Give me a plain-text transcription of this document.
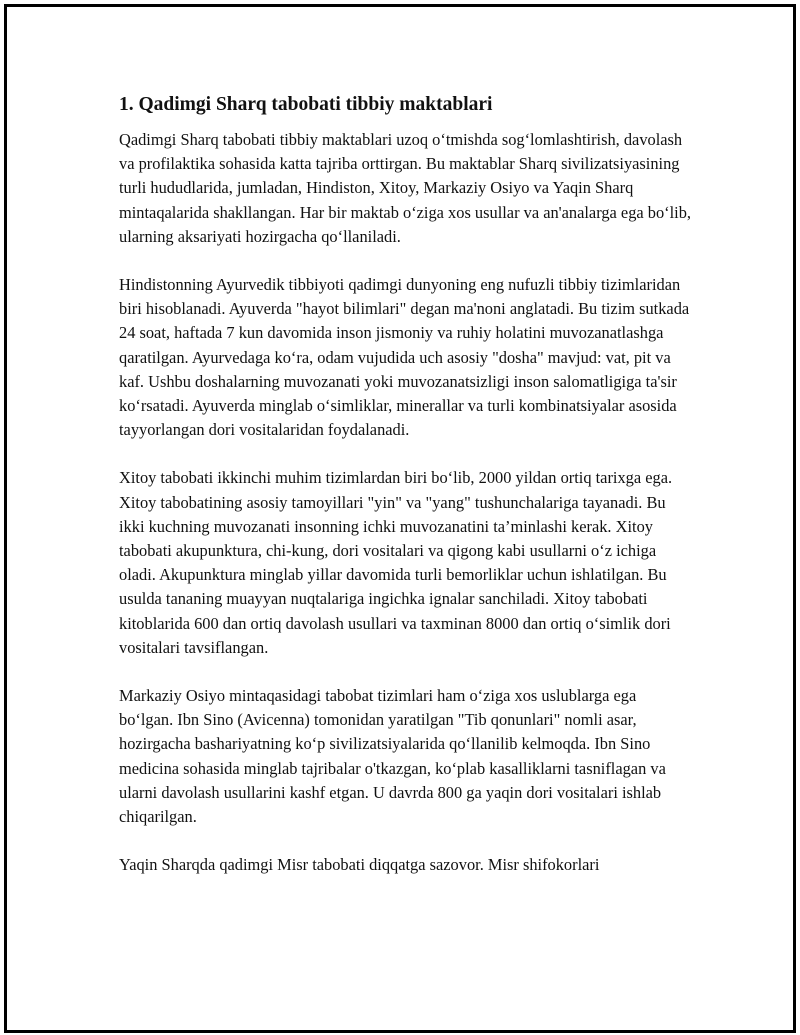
1. Qadimgi Sharq tabobati tibbiy maktablari

Qadimgi Sharq tabobati tibbiy maktablari uzoq o‘tmishda sog‘lomlashtirish, davolash va profilaktika sohasida katta tajriba orttirgan. Bu maktablar Sharq sivilizatsiyasining turli hududlarida, jumladan, Hindiston, Xitoy, Markaziy Osiyo va Yaqin Sharq mintaqalarida shakllangan. Har bir maktab o‘ziga xos usullar va an'analarga ega bo‘lib, ularning aksariyati hozirgacha qo‘llaniladi.

Hindistonning Ayurvedik tibbiyoti qadimgi dunyoning eng nufuzli tibbiy tizimlaridan biri hisoblanadi. Ayuverda "hayot bilimlari" degan ma'noni anglatadi. Bu tizim sutkada 24 soat, haftada 7 kun davomida inson jismoniy va ruhiy holatini muvozanatlashga qaratilgan. Ayurvedaga ko‘ra, odam vujudida uch asosiy "dosha" mavjud: vat, pit va kaf. Ushbu doshalarning muvozanati yoki muvozanatsizligi inson salomatligiga ta'sir ko‘rsatadi. Ayuverda minglab o‘simliklar, minerallar va turli kombinatsiyalar asosida tayyorlangan dori vositalaridan foydalanadi.

Xitoy tabobati ikkinchi muhim tizimlardan biri bo‘lib, 2000 yildan ortiq tarixga ega. Xitoy tabobatining asosiy tamoyillari "yin" va "yang" tushunchalariga tayanadi. Bu ikki kuchning muvozanati insonning ichki muvozanatini ta’minlashi kerak. Xitoy tabobati akupunktura, chi-kung, dori vositalari va qigong kabi usullarni o‘z ichiga oladi. Akupunktura minglab yillar davomida turli bemorliklar uchun ishlatilgan. Bu usulda tananing muayyan nuqtalariga ingichka ignalar sanchiladi. Xitoy tabobati kitoblarida 600 dan ortiq davolash usullari va taxminan 8000 dan ortiq o‘simlik dori vositalari tavsiflangan.

Markaziy Osiyo mintaqasidagi tabobat tizimlari ham o‘ziga xos uslublarga ega bo‘lgan. Ibn Sino (Avicenna) tomonidan yaratilgan "Tib qonunlari" nomli asar, hozirgacha bashariyatning ko‘p sivilizatsiyalarida qo‘llanilib kelmoqda. Ibn Sino medicina sohasida minglab tajribalar o'tkazgan, ko‘plab kasalliklarni tasniflagan va ularni davolash usullarini kashf etgan. U davrda 800 ga yaqin dori vositalari ishlab chiqarilgan.

Yaqin Sharqda qadimgi Misr tabobati diqqatga sazovor. Misr shifokorlari
